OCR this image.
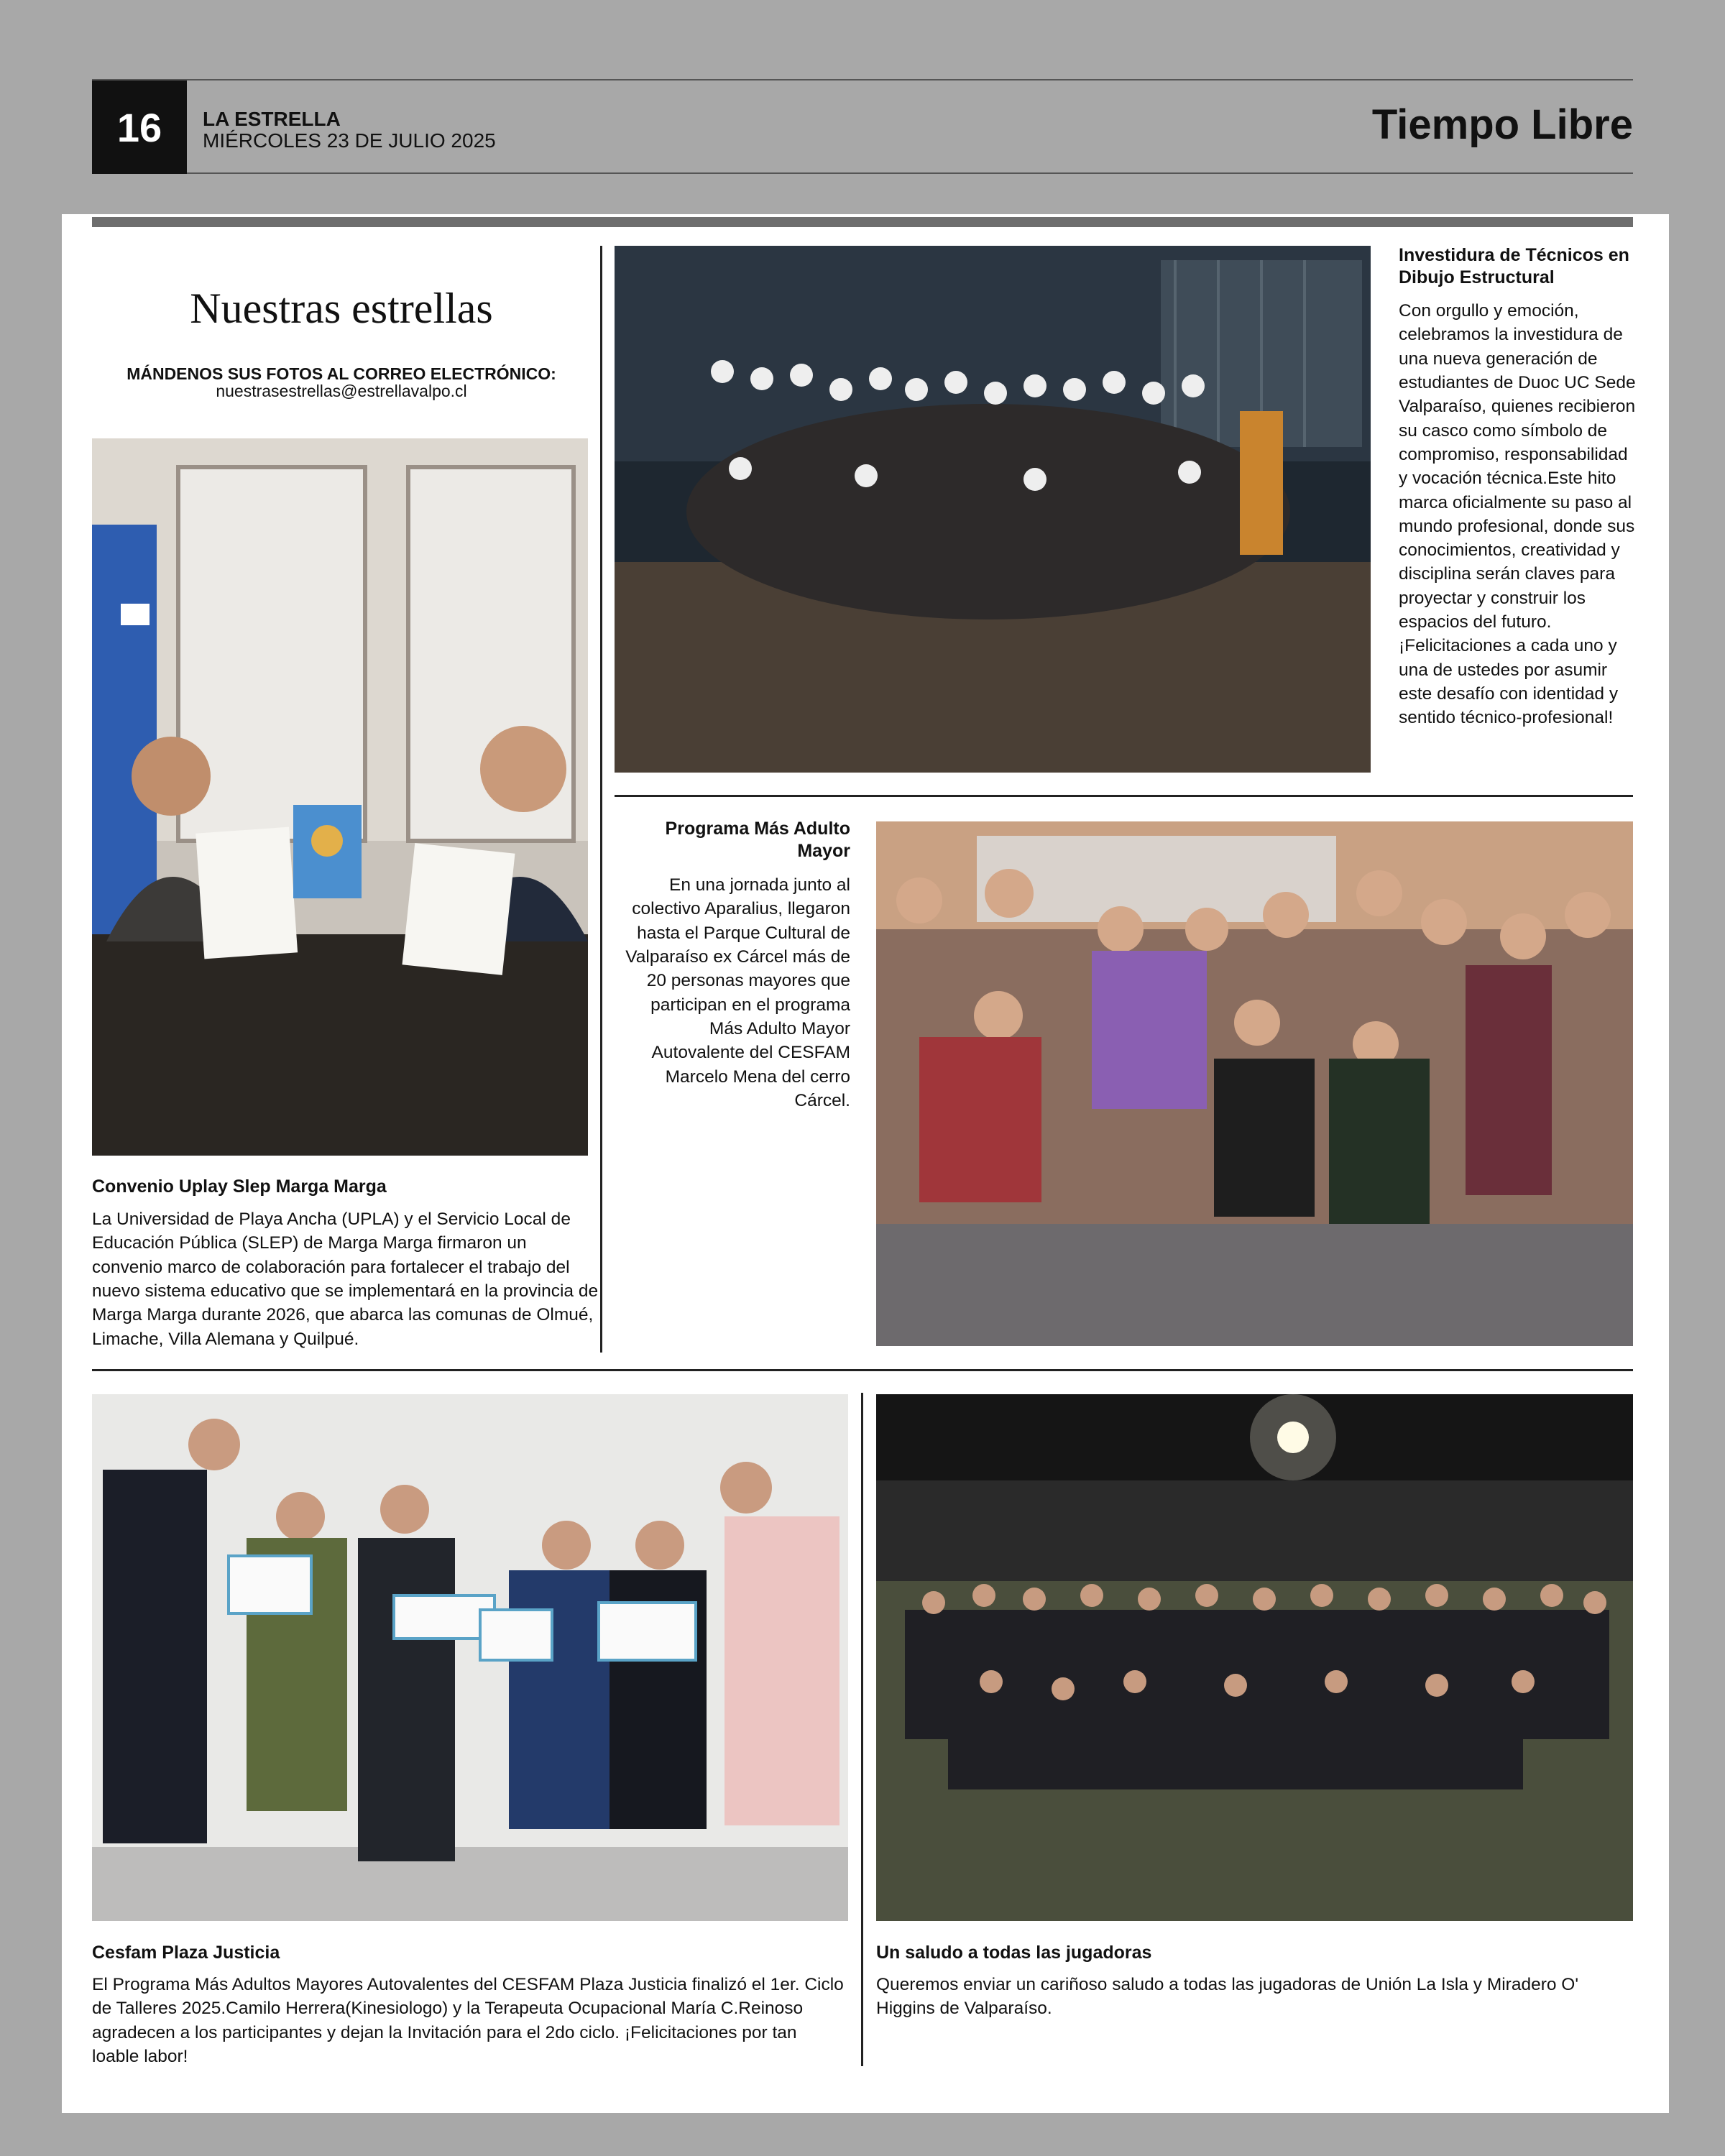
16	LA ESTRELLA
MIÉRCOLES 23 DE JULIO 2025	Tiempo Libre
Nuestras estrellas
MÁNDENOS SUS FOTOS AL CORREO ELECTRÓNICO:
nuestrasestrellas@estrellavalpo.cl
Convenio Uplay Slep Marga Marga
La Universidad de Playa Ancha (UPLA) y el Servicio Local de Educación Pública (SLEP) de Marga Marga firmaron un convenio marco de colaboración para fortalecer el trabajo del nuevo sistema educativo que se implementará en la provincia de Marga Marga durante 2026, que abarca las comunas de Olmué, Limache, Villa Alemana y Quilpué.
Investidura de Técnicos en Dibujo Estructural
Con orgullo y emoción, celebramos la investidura de una nueva generación de estudiantes de Duoc UC Sede Valparaíso, quienes recibieron su casco como símbolo de compromiso, responsabilidad y vocación técnica.Este hito marca oficialmente su paso al mundo profesional, donde sus conocimientos, creatividad y disciplina serán claves para proyectar y construir los espacios del futuro.¡Felicitaciones a cada uno y una de ustedes por asumir este desafío con identidad y sentido técnico-profesional!
Programa Más Adulto Mayor
En una jornada junto al colectivo Aparalius, llegaron hasta el Parque Cultural de Valparaíso ex Cárcel más de 20 personas mayores que participan en el programa Más Adulto Mayor Autovalente del CESFAM Marcelo Mena del cerro Cárcel.
Cesfam Plaza Justicia
El Programa Más Adultos Mayores Autovalentes del CESFAM Plaza Justicia finalizó el 1er. Ciclo de Talleres 2025.Camilo Herrera(Kinesiologo) y la Terapeuta Ocupacional María C.Reinoso agradecen a los participantes y dejan la Invitación para el 2do ciclo. ¡Felicitaciones por tan loable labor!
Un saludo a todas las jugadoras
Queremos enviar un cariñoso saludo a todas las jugadoras de Unión La Isla y Miradero O' Higgins de Valparaíso.
